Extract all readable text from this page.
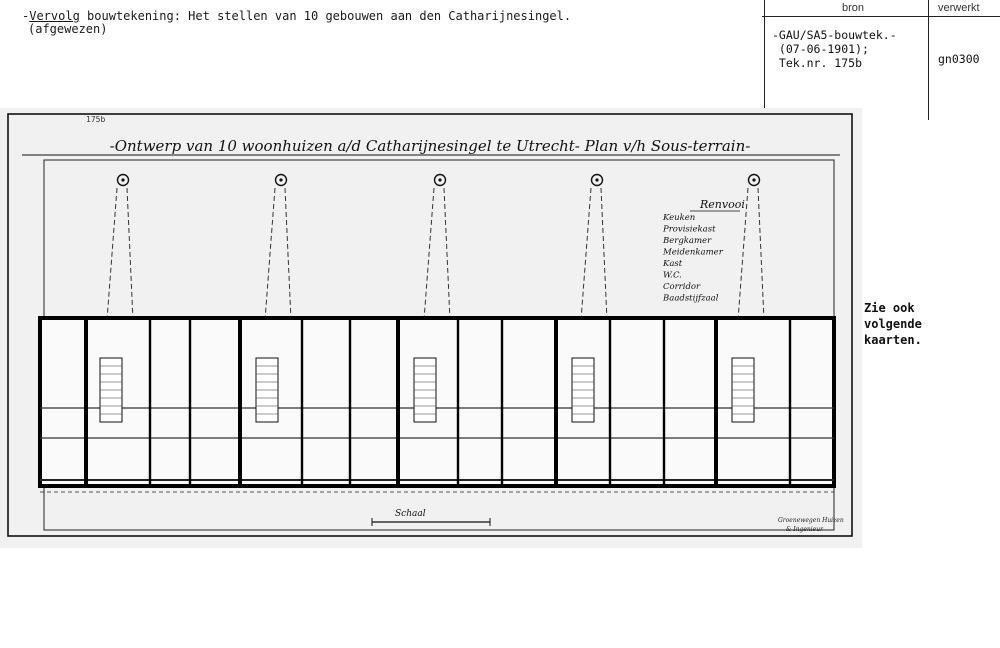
-Vervolg bouwtekening: Het stellen van 10 gebouwen aan den Catharijnesingel.
(afgewezen)
bron	verwerkt
-GAU/SA5-bouwtek.-
(07-06-1901);
Tek.nr. 175b	gn0300
Zie ook
volgende
kaarten.
175b
-Ontwerp van 10 woonhuizen a/d Catharijnesingel te Utrecht- Plan v/h Sous-terrain-
Renvooi
Keuken
Provisiekast
Bergkamer
Meidenkamer
Kast
W.C.
Corridor
Baadstijfzaal
Schaal
Groenewegen Huizen
& Ingenieur
